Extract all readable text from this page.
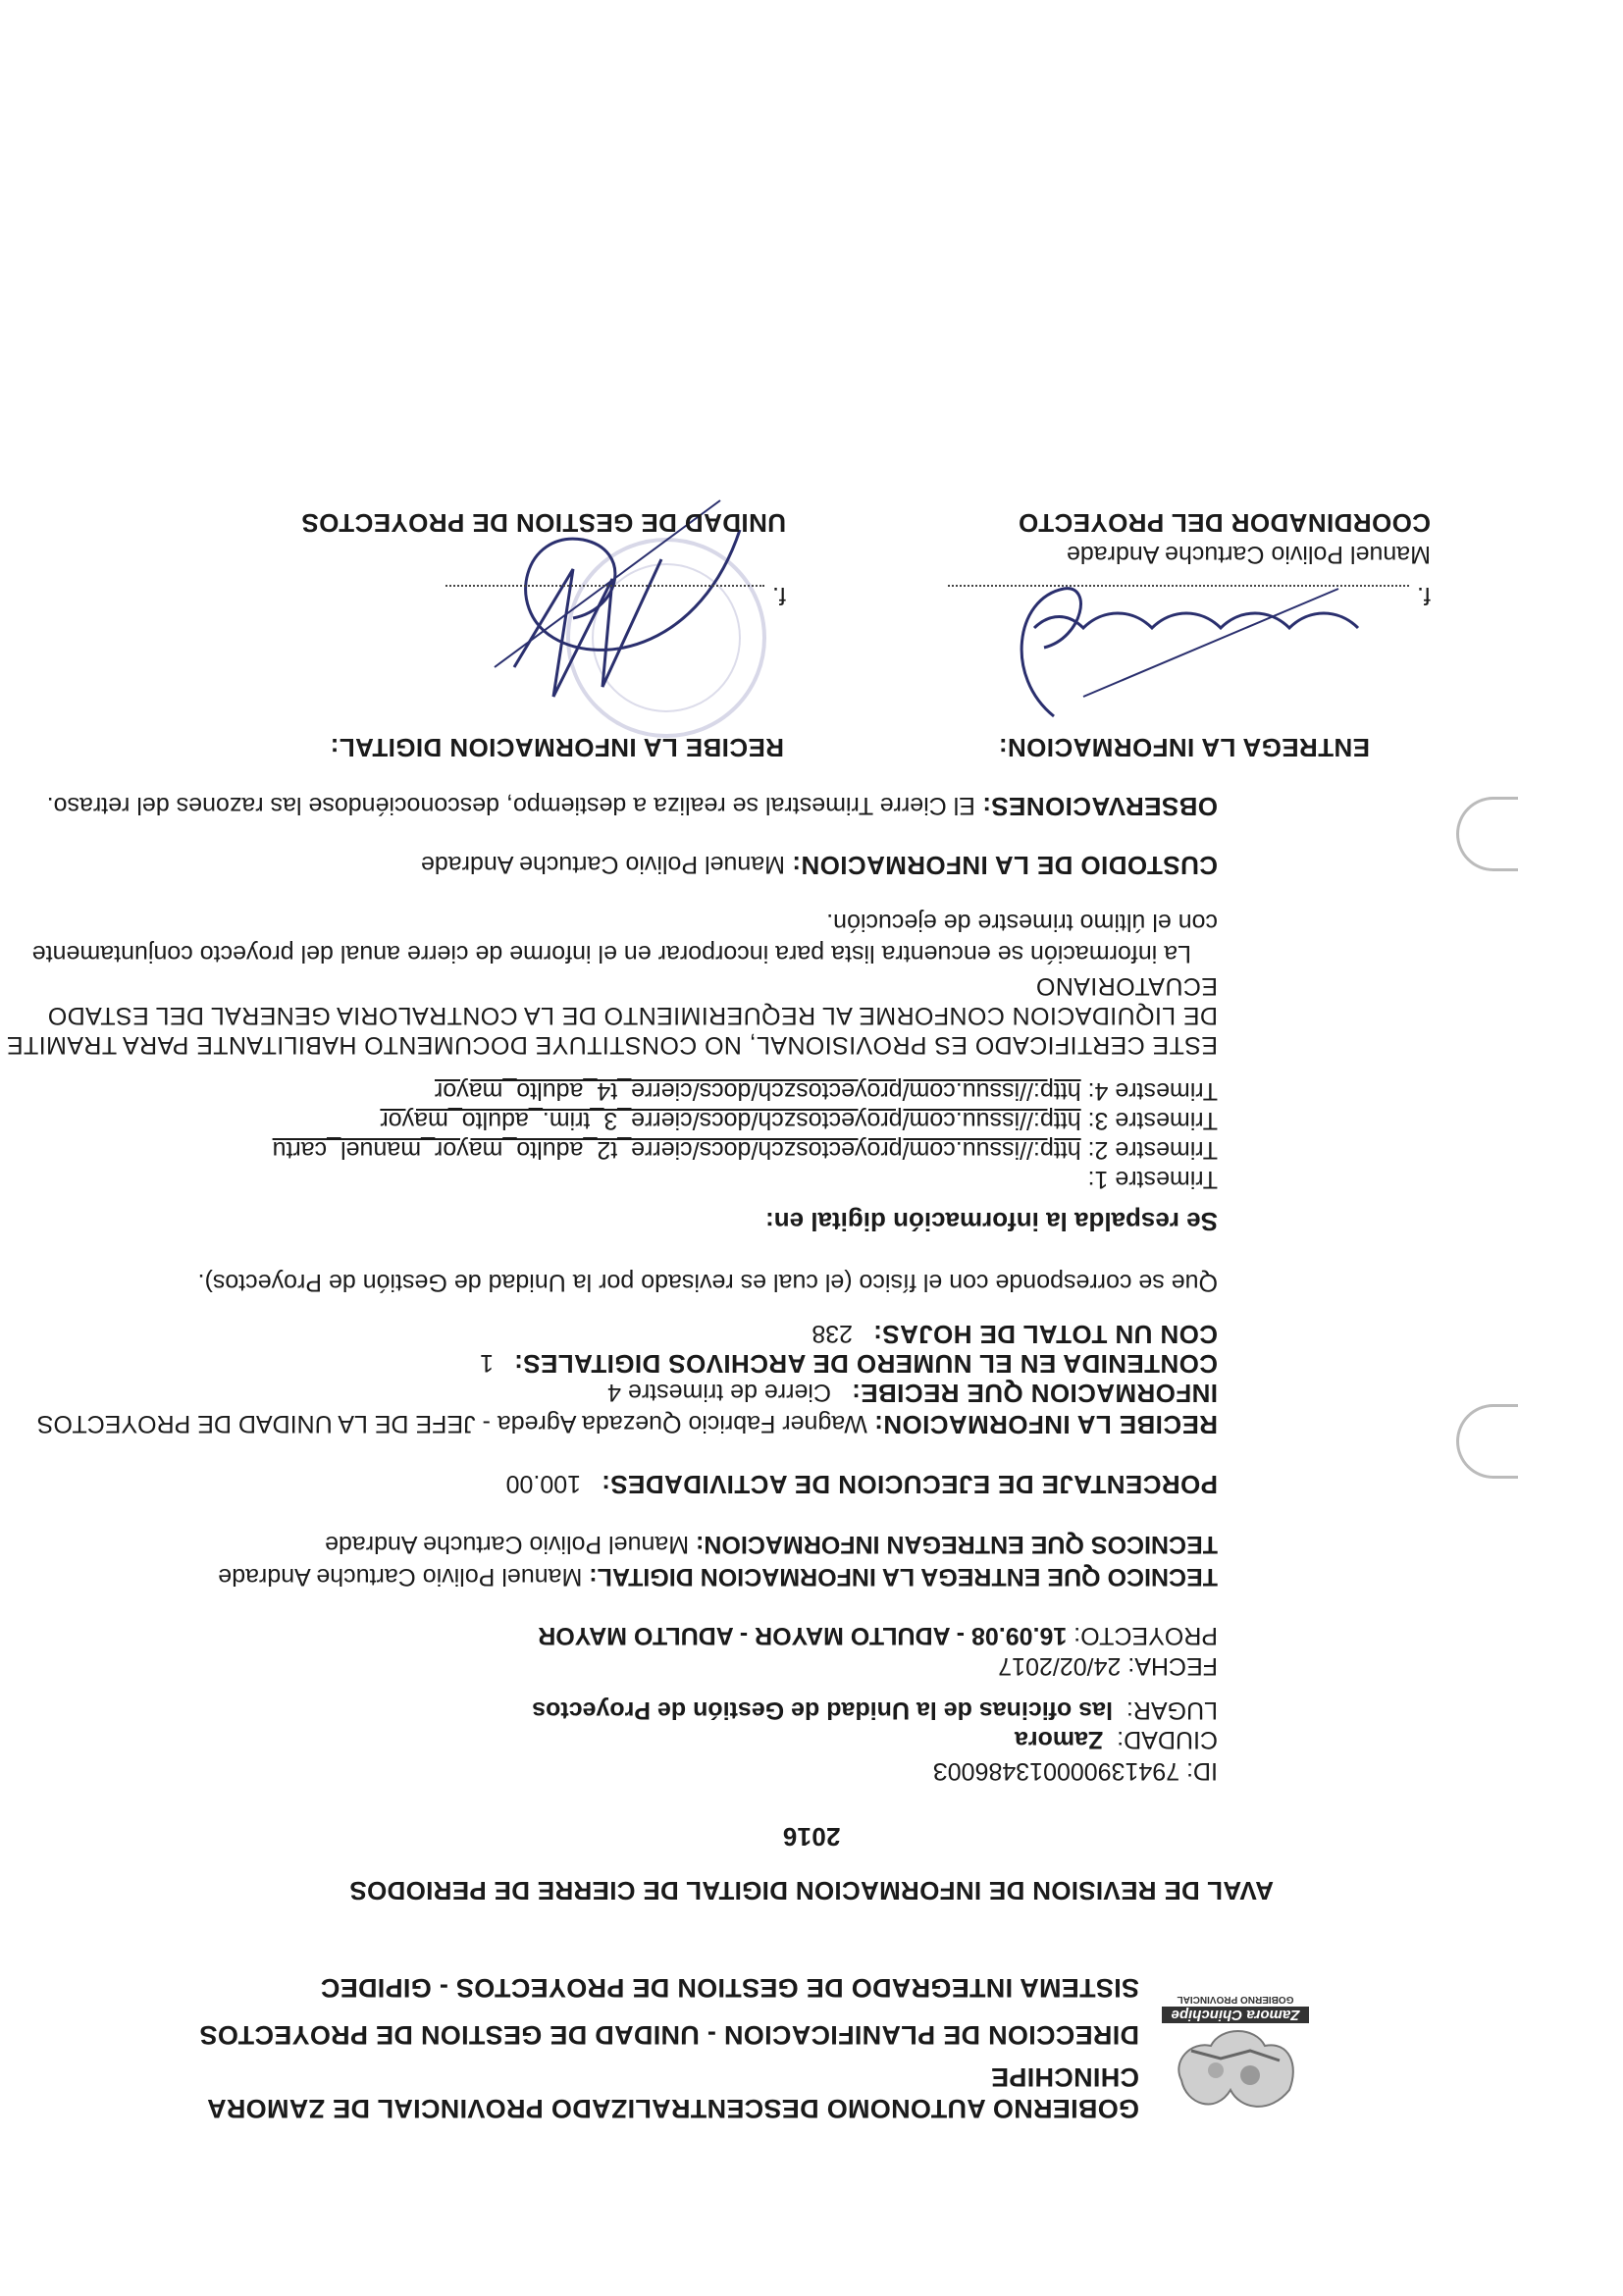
Zamora Chinchipe
GOBIERNO PROVINCIAL
GOBIERNO AUTONOMO DESCENTRALIZADO PROVINCIAL DE ZAMORA
CHINCHIPE
DIRECCION DE PLANIFICACION - UNIDAD DE GESTION DE PROYECTOS
SISTEMA INTEGRADO DE GESTION DE PROYECTOS - GIPIDEC
AVAL DE REVISION DE INFORMACION DIGITAL DE CIERRE DE PERIODOS
2016
ID: 79413900001348600З
CIUDAD:  Zamora
LUGAR:  las oficinas de la Unidad de Gestión de Proyectos
FECHA: 24/02/2017
PROYECTO: 16.09.08 - ADULTO MAYOR - ADULTO MAYOR
TECNICO QUE ENTREGA LA INFORMACION DIGITAL: Manuel Polivio Cartuche Andrade
TECNICOS QUE ENTREGAN INFORMACION: Manuel Polivio Cartuche Andrade
PORCENTAJE DE EJECUCION DE ACTIVIDADES:   100.00
RECIBE LA INFORMACION: Wagner Fabricio Quezada Agreda - JEFE DE LA UNIDAD DE PROYECTOS
INFORMACION QUE RECIBE:   Cierre de trimestre 4
CONTENIDA EN EL NUMERO DE ARCHIVOS DIGITALES:   1
CON UN TOTAL DE HOJAS:   238
Que se corresponde con el físico (el cual es revisado por la Unidad de Gestión de Proyectos).
Se respalda la información digital en:
Trimestre 1:
Trimestre 2: http://issuu.com/proyectoszch/docs/cierre_t2_adulto_mayor_manuel_cartu
Trimestre 3: http://issuu.com/proyectoszch/docs/cierre_3_trim._adulto_mayor
Trimestre 4: http://issuu.com/proyectoszch/docs/cierre_t4_adulto_mayor
ESTE CERTIFICADO ES PROVISIONAL, NO CONSTITUYE DOCUMENTO HABILITANTE PARA TRAMITE
DE LIQUIDACION CONFORME AL REQUERIMIENTO DE LA CONTRALORIA GENERAL DEL ESTADO
ECUATORIANO
La información se encuentra lista para incorporar en el informe de cierre anual del proyecto conjuntamente
con el último trimestre de ejecución.
CUSTODIO DE LA INFORMACION: Manuel Polivio Cartuche Andrade
OBSERVACIONES: El Cierre Trimestral se realiza a destiempo, desconociéndose las razones del retraso.
RECIBE LA INFORMACION DIGITAL:	ENTREGA LA INFORMACION:
f.	f.
Manuel Polivio Cartuche Andrade
COORDINADOR DEL PROYECTO
UNIDAD DE GESTION DE PROYECTOS
